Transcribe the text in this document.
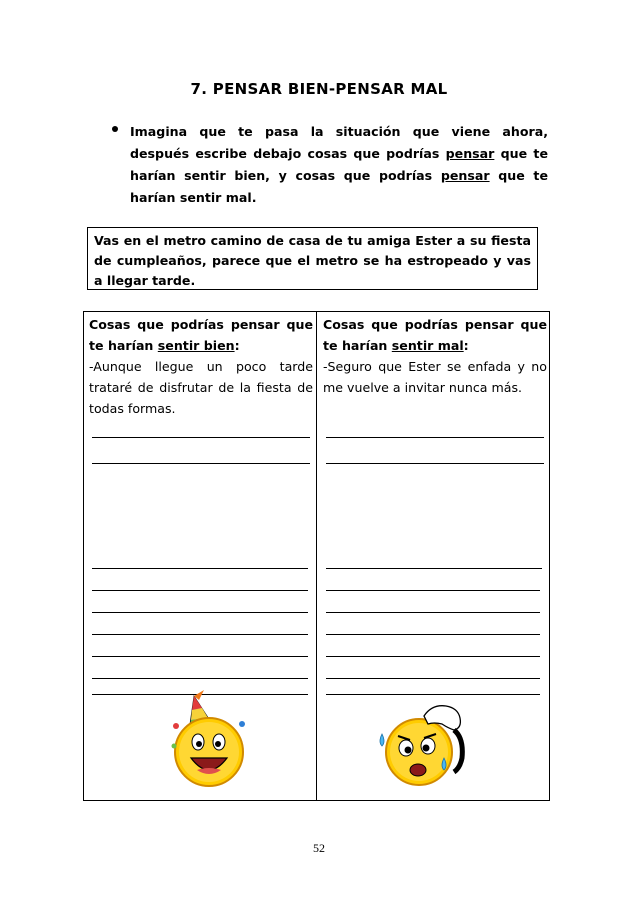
7. PENSAR BIEN-PENSAR MAL
Imagina que te pasa la situación que viene ahora, después escribe debajo cosas que podrías pensar que te harían sentir bien, y cosas que podrías pensar que te harían sentir mal.
Vas en el metro camino de casa de tu amiga Ester a su fiesta de cumpleaños, parece que el metro se ha estropeado y vas a llegar tarde.
Cosas que podrías pensar que te harían sentir bien:
-Aunque llegue un poco tarde trataré de disfrutar de la fiesta de todas formas.
Cosas que podrías pensar que te harían sentir mal:
-Seguro que Ester se enfada y no me vuelve a invitar nunca más.
52
